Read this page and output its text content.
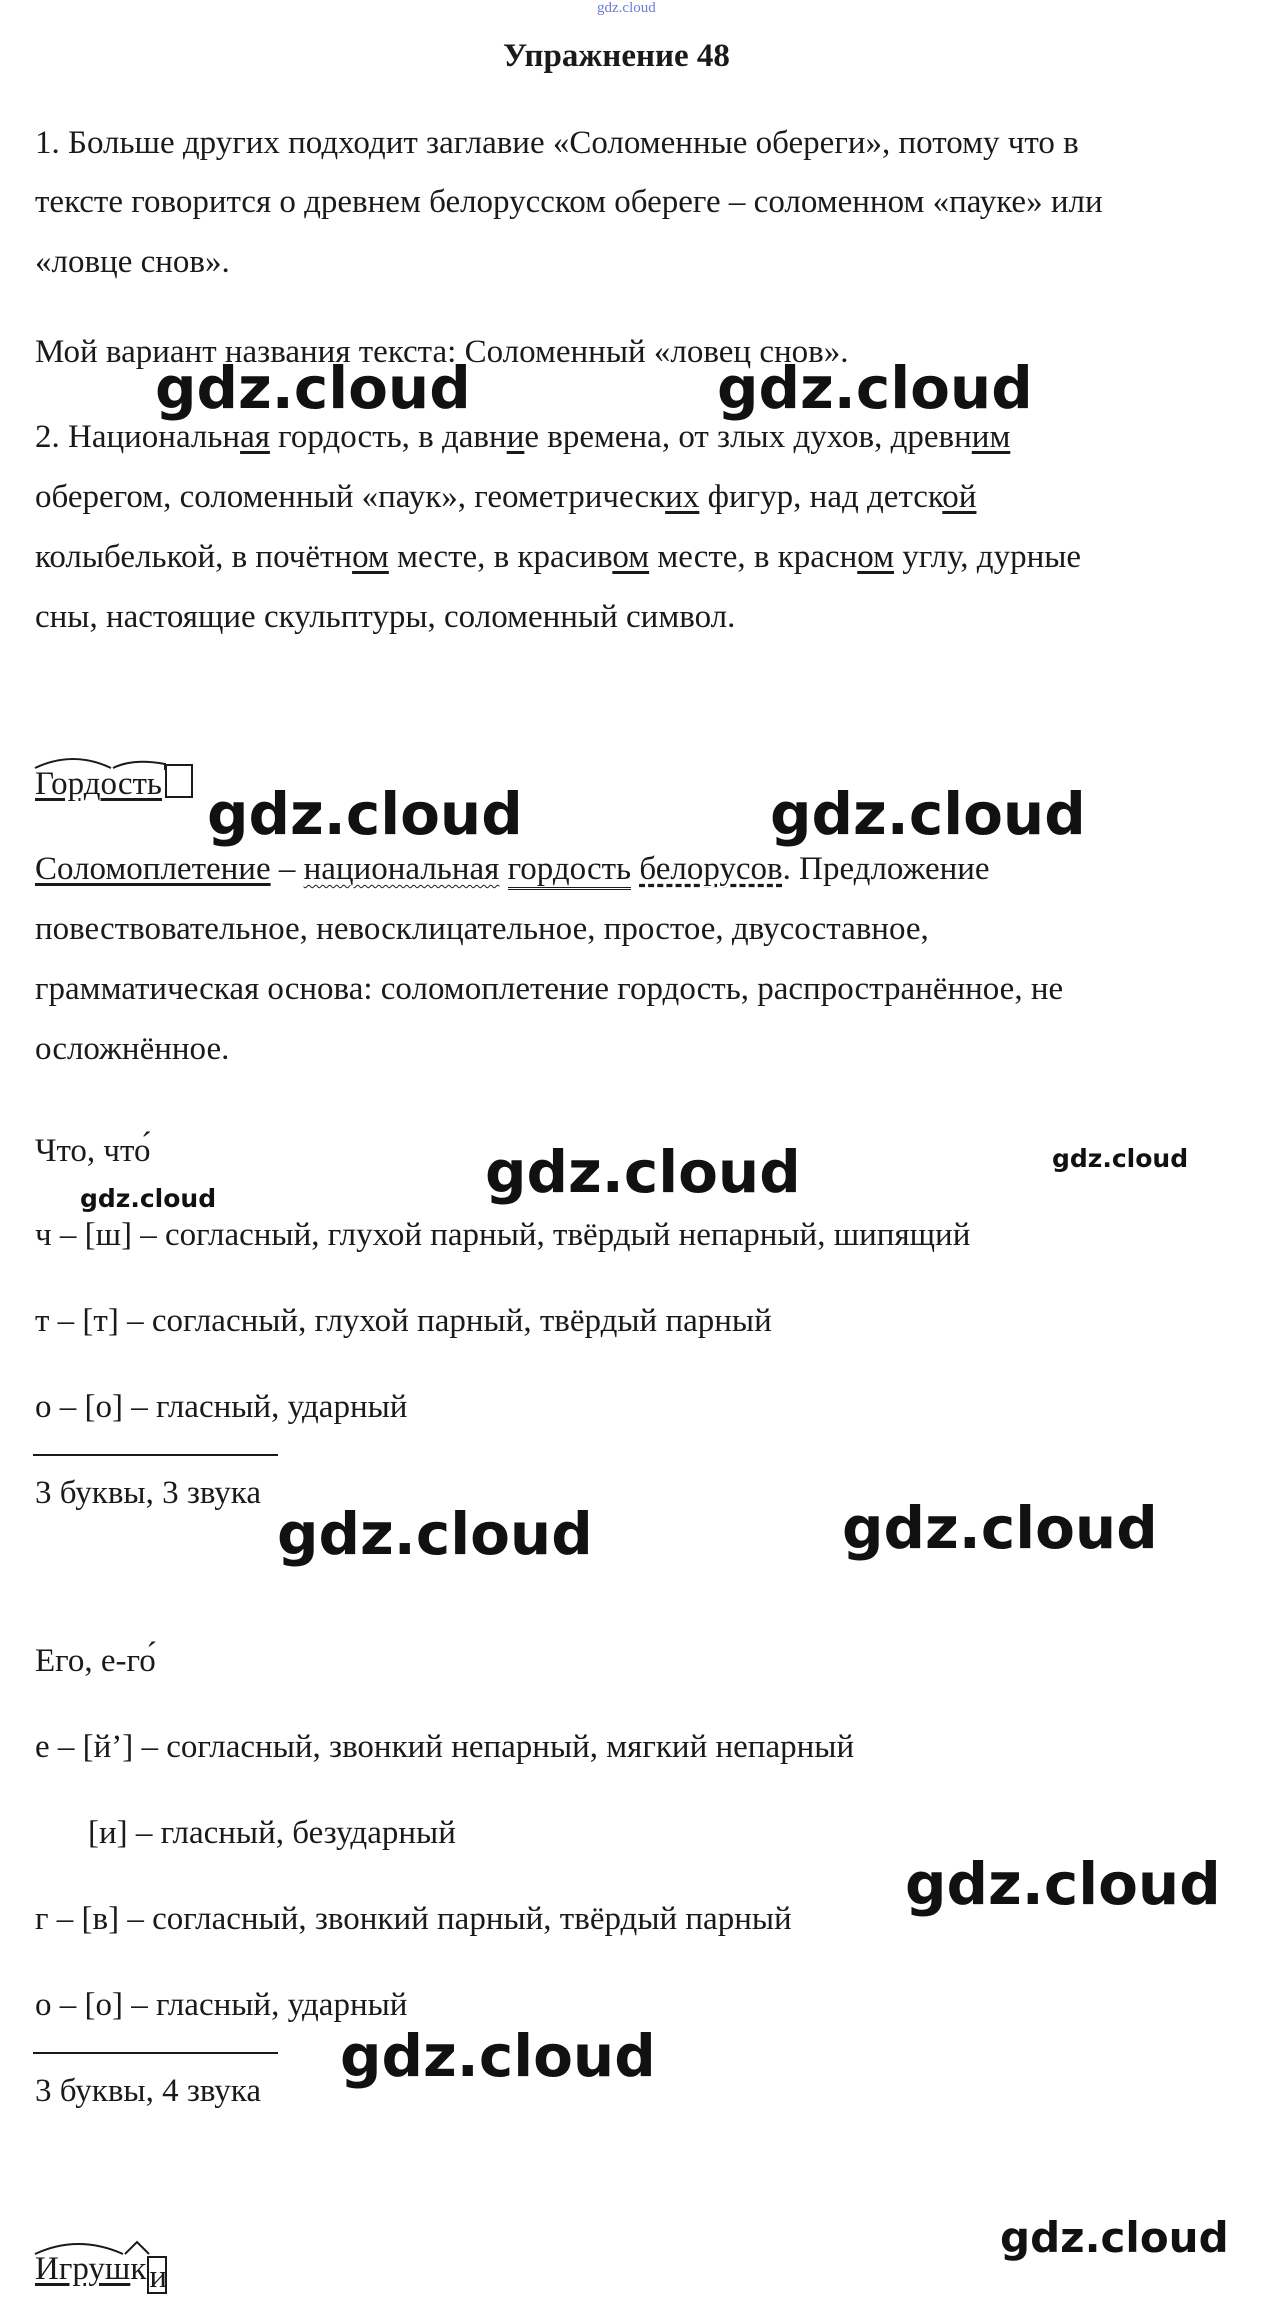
gdz.cloud
Упражнение 48
1. Больше других подходит заглавие «Соломенные обереги», потому что в
тексте говорится о древнем белорусском обереге – соломенном «пауке» или
«ловце снов».
Мой вариант названия текста: Соломенный «ловец снов».
2. Национальная гордость, в давние времена, от злых духов, древним
оберегом, соломенный «паук», геометрических фигур, над детской
колыбелькой, в почётном месте, в красивом месте, в красном углу, дурные
сны, настоящие скульптуры, соломенный символ.
Гордость
Соломоплетение – национальная гордость белорусов. Предложение
повествовательное, невосклицательное, простое, двусоставное,
грамматическая основа: соломоплетение гордость, распространённое, не
осложнённое.
Что, что́
ч – [ш] – согласный, глухой парный, твёрдый непарный, шипящий
т – [т] – согласный, глухой парный, твёрдый парный
о – [о] – гласный, ударный
3 буквы, 3 звука
Его, е-го́
е – [й’] – согласный, звонкий непарный, мягкий непарный
[и] – гласный, безударный
г – [в] – согласный, звонкий парный, твёрдый парный
о – [о] – гласный, ударный
3 буквы, 4 звука
Игрушки
gdz.cloud	gdz.cloud
gdz.cloud	gdz.cloud
gdz.cloud	gdz.cloud
gdz.cloud
gdz.cloud	gdz.cloud
gdz.cloud
gdz.cloud
gdz.cloud
